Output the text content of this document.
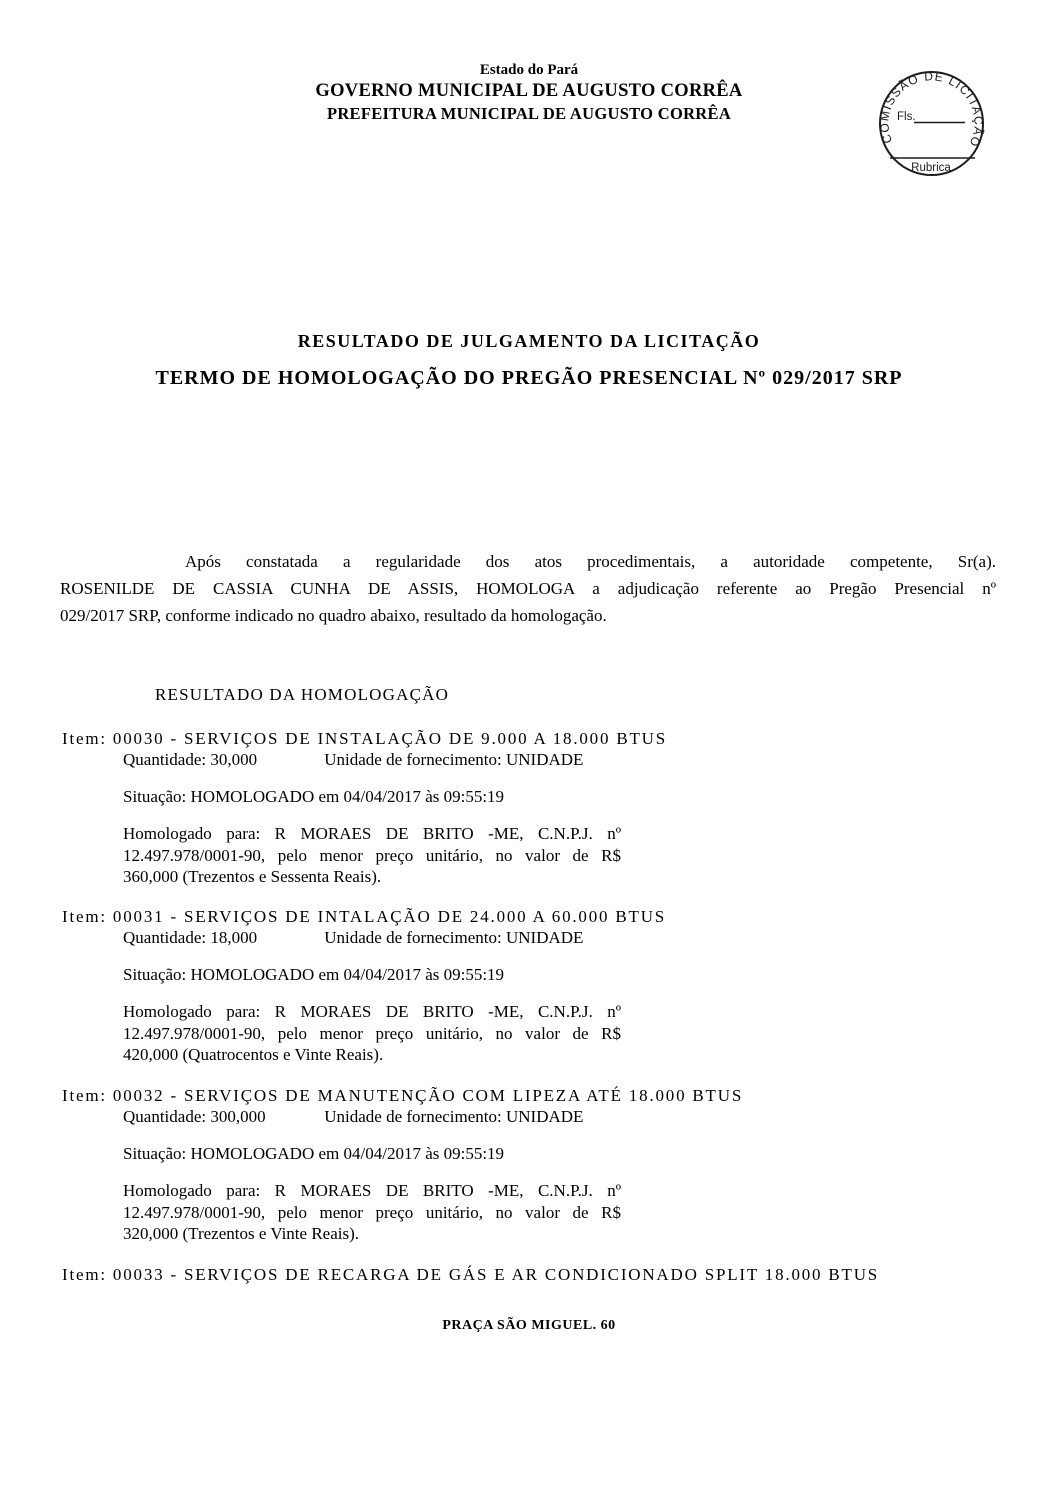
Estado do Pará
GOVERNO MUNICIPAL DE AUGUSTO CORRÊA
PREFEITURA MUNICIPAL DE AUGUSTO CORRÊA
COMISSÃO DE LICITAÇÃO
Fls.
Rubrica
RESULTADO DE JULGAMENTO DA LICITAÇÃO
TERMO DE HOMOLOGAÇÃO DO PREGÃO PRESENCIAL Nº 029/2017 SRP
Após constatada a regularidade dos atos procedimentais, a autoridade competente, Sr(a).
ROSENILDE DE CASSIA CUNHA DE ASSIS, HOMOLOGA a adjudicação referente ao Pregão Presencial nº
029/2017 SRP, conforme indicado no quadro abaixo, resultado da homologação.
RESULTADO DA HOMOLOGAÇÃO
Item: 00030 - SERVIÇOS DE INSTALAÇÃO DE 9.000 A 18.000 BTUS
Quantidade: 30,000	Unidade de fornecimento: UNIDADE
Situação: HOMOLOGADO em 04/04/2017 às 09:55:19
Homologado para: R MORAES DE BRITO -ME, C.N.P.J. nº
12.497.978/0001-90, pelo menor preço unitário, no valor de R$
360,000 (Trezentos e Sessenta Reais).
Item: 00031 - SERVIÇOS DE INTALAÇÃO DE 24.000 A 60.000 BTUS
Quantidade: 18,000	Unidade de fornecimento: UNIDADE
Situação: HOMOLOGADO em 04/04/2017 às 09:55:19
Homologado para: R MORAES DE BRITO -ME, C.N.P.J. nº
12.497.978/0001-90, pelo menor preço unitário, no valor de R$
420,000 (Quatrocentos e Vinte Reais).
Item: 00032 - SERVIÇOS DE MANUTENÇÃO COM LIPEZA ATÉ 18.000 BTUS
Quantidade: 300,000	Unidade de fornecimento: UNIDADE
Situação: HOMOLOGADO em 04/04/2017 às 09:55:19
Homologado para: R MORAES DE BRITO -ME, C.N.P.J. nº
12.497.978/0001-90, pelo menor preço unitário, no valor de R$
320,000 (Trezentos e Vinte Reais).
Item: 00033 - SERVIÇOS DE RECARGA DE GÁS E AR CONDICIONADO SPLIT 18.000 BTUS
PRAÇA SÃO MIGUEL. 60
